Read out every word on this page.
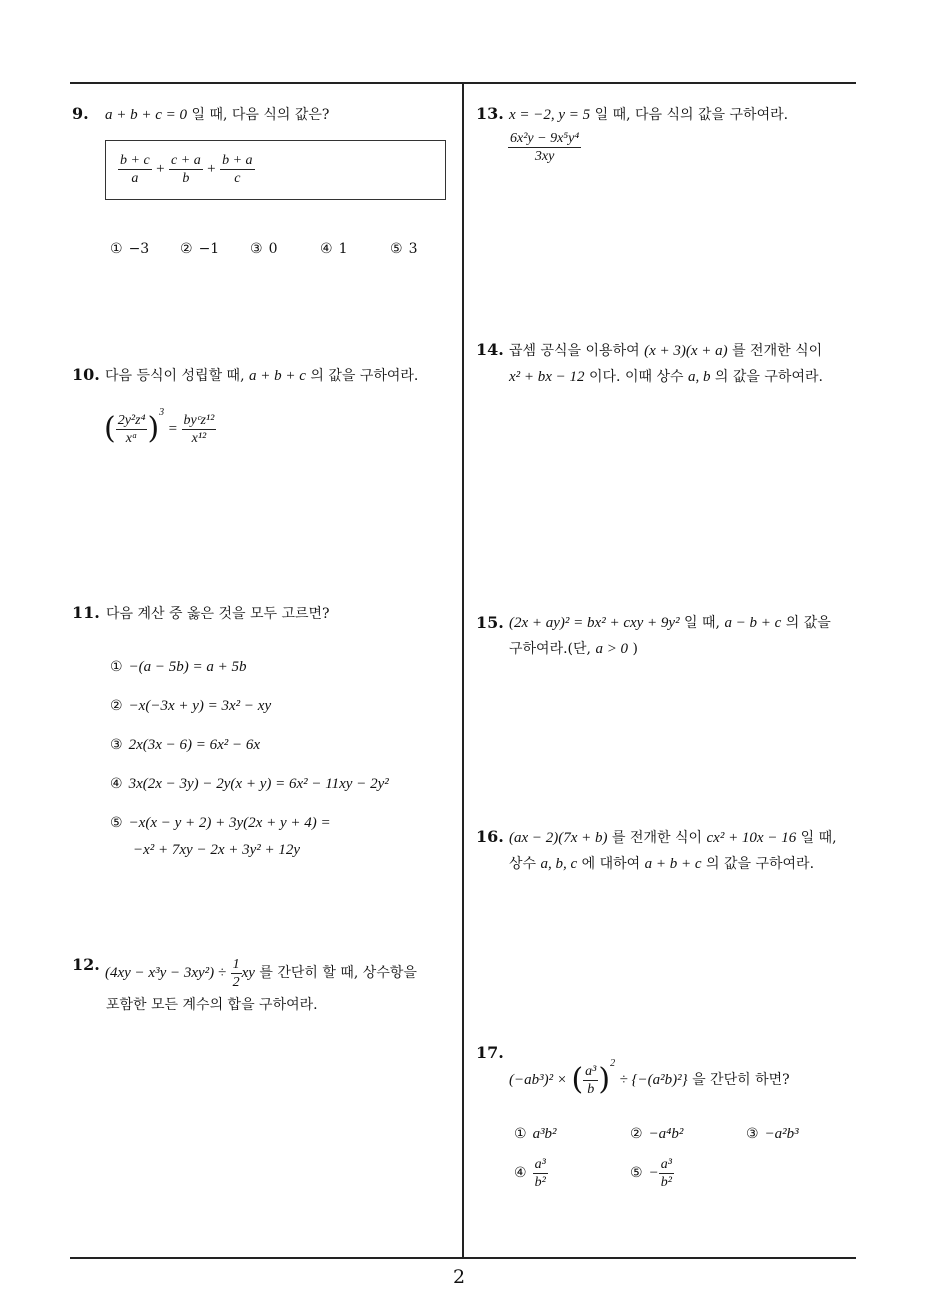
9. a + b + c = 0 일 때, 다음 식의 값은?
$\frac{b + c}{a} + \frac{c + a}{b} + \frac{b + a}{c}$
① −3 ② −1 ③ 0	④ 1	⑤ 3
10. 다음 등식이 성립할 때, a + b + c 의 값을 구하여라.
( $\frac{\text{2y²z⁴}}{\text{xᵃ}} )^3 = \frac{\text{byᶜz¹²}}{\text{x¹²}}$
11. 다음 계산 중 옳은 것을 모두 고르면?
① −(a − 5b) = a + 5b
② −x(−3x + y) = 3x² − xy
③ 2x(3x − 6) = 6x² − 6x
④ 3x(2x − 3y) − 2y(x + y) = 6x² − 11xy − 2y²
⑤ −x(x − y + 2) + 3y(2x + y + 4) =
−x² + 7xy − 2x + 3y² + 12y
12. $(4xy - x^3y - 3xy^2) \div \frac{1}{2}$ xy 를 간단히 할 때, 상수항을
포함한 모든 계수의 합을 구하여라.
13. x = −2, y = 5 일 때, 다음 식의 값을 구하여라.
$\frac{\text{6x²y − 9x⁵y⁴}}{3xy}$
14. 곱셈 공식을 이용하여 (x + 3)(x + a) 를 전개한 식이
x² + bx − 12 이다. 이때 상수 a, b 의 값을 구하여라.
15. (2x + ay)² = bx² + cxy + 9y² 일 때, a − b + c 의 값을
구하여라.(단, a > 0 )
16. (ax − 2)(7x + b) 를 전개한 식이 cx² + 10x − 16 일 때,
상수 a, b, c 에 대하여 a + b + c 의 값을 구하여라.
17.
(−ab³)² × ( $\frac{\text{a³}}{b} )^2 \div \{-(a^2b)^2\}$ 을 간단히 하면?
① a³b²	② −a⁴b²	③ −a²b³
④ $\frac{\text{a³}}{\text{b²}}$	⑤ − $\frac{\text{a³}}{\text{b²}}$
2
